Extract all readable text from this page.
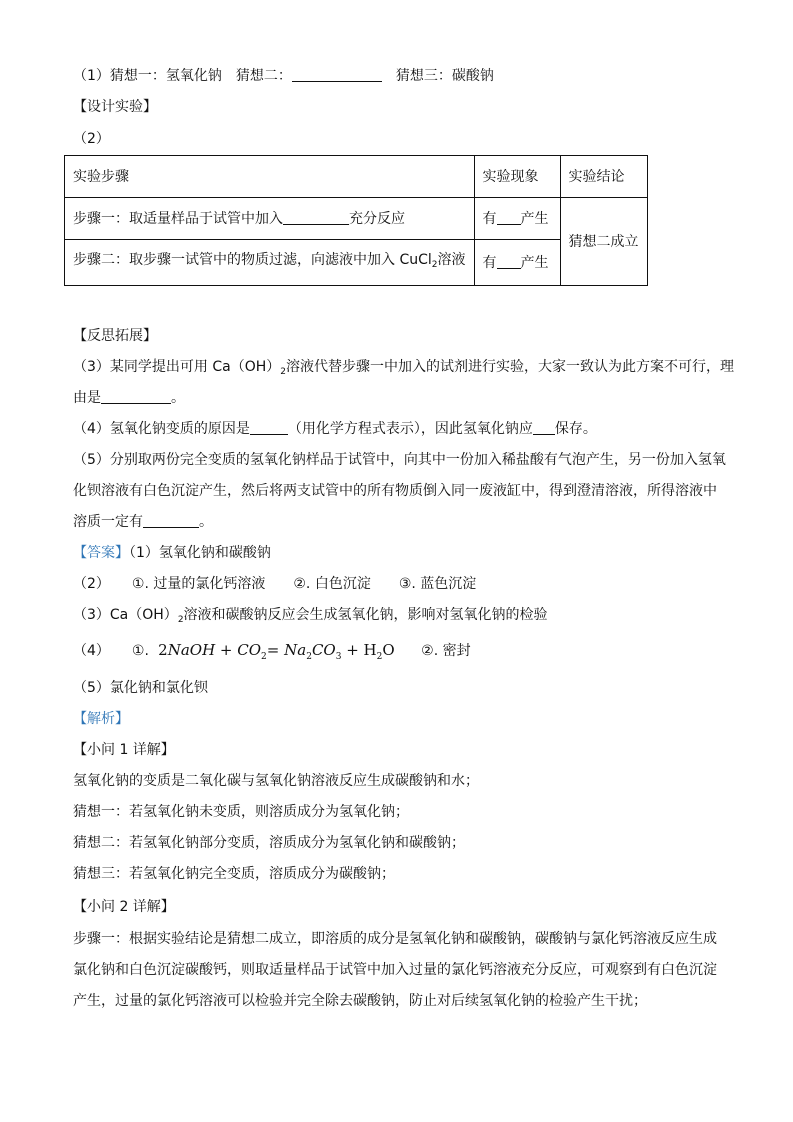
（1）猜想一：氢氧化钠　猜想二：	　猜想三：碳酸钠
【设计实验】
（2）
实验步骤	实验现象	实验结论
步骤一：取适量样品于试管中加入 充分反应	有 产生	猜想二成立
步骤二：取步骤一试管中的物质过滤，向滤液中加入 CuCl$_2$溶液	有 产生	
【反思拓展】
（3）某同学提出可用 $Ca(OH)_2$溶液代替步骤一中加入的试剂进行实验，大家一致认为此方案不可行，理
由是	。
（4）氢氧化钠变质的原因是	（用化学方程式表示），因此氢氧化钠应 保存。
（5）分别取两份完全变质的氢氧化钠样品于试管中，向其中一份加入稀盐酸有气泡产生，另一份加入氢氧
化钡溶液有白色沉淀产生，然后将两支试管中的所有物质倒入同一废液缸中，得到澄清溶液，所得溶液中
溶质一定有	。
【答案】（1）氢氧化钠和碳酸钠
（2） ①. 过量的氯化钙溶液 ②. 白色沉淀 ③. 蓝色沉淀
$(3)Ca(OH)_2$溶液和碳酸钠反应会生成氢氧化钠，影响对氢氧化钠的检验
（4） ①.  2NaOH + $CO_2= Na_2CO_3 + H_2O$ ②. 密封
（5）氯化钠和氯化钡
【解析】
【小问 1 详解】
氢氧化钠的变质是二氧化碳与氢氧化钠溶液反应生成碳酸钠和水；
猜想一：若氢氧化钠未变质，则溶质成分为氢氧化钠；
猜想二：若氢氧化钠部分变质，溶质成分为氢氧化钠和碳酸钠；
猜想三：若氢氧化钠完全变质，溶质成分为碳酸钠；
【小问 2 详解】
步骤一：根据实验结论是猜想二成立，即溶质的成分是氢氧化钠和碳酸钠，碳酸钠与氯化钙溶液反应生成
氯化钠和白色沉淀碳酸钙，则取适量样品于试管中加入过量的氯化钙溶液充分反应，可观察到有白色沉淀
产生，过量的氯化钙溶液可以检验并完全除去碳酸钠，防止对后续氢氧化钠的检验产生干扰；
